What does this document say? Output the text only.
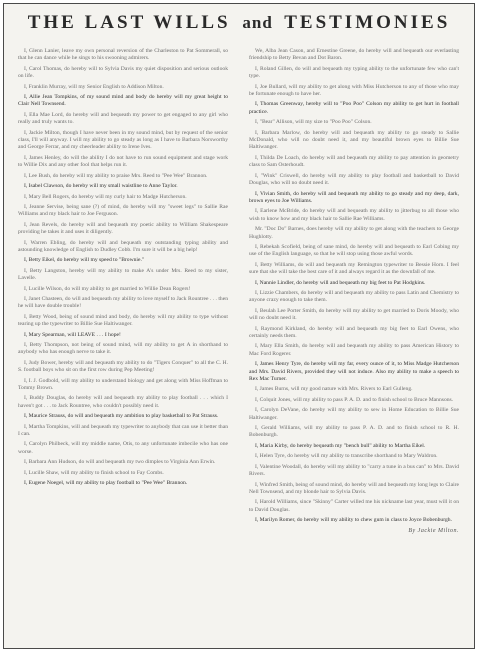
THE LAST WILLS and TESTIMONIES

I, Glenn Lanier, leave my own personal reversion of the Charleston to Pat Sommerall, so that he can dance while he sings to his swooning admirers.

I, Carol Thomas, do hereby will to Sylvia Davis my quiet disposition and serious outlook on life.

I, Franklin Murray, will my Senior English to Addison Milton.

I, Allie Jean Tompkins, of my sound mind and body do hereby will my great height to Clair Nell Townsend.

I, Ella Mae Lord, do hereby will and bequeath my power to get engaged to any girl who really and truly wants to.

I, Jackie Milton, though I have never been in my sound mind, but by request of the senior class, I'll will anyway. I will my ability to go steady as long as I have to Barbara Norsworthy and George Ferrar, and my cheerleader ability to Irene Ives.

I, James Henley, do will the ability I do not have to run sound equipment and stage work to Willie Dix and any other fool that helps run it.

I, Lee Bush, do hereby will my ability to praise Mrs. Reed to "Pee Wee" Brannon.

I, Isabel Clawson, do hereby will my small waistline to Anne Taylor.

I, Mary Bell Rogers, do hereby will my curly hair to Madge Hutcherson.

I, Jeanne Servise, being sane (?) of mind, do hereby will my "sweet legs" to Sallie Rae Williams and my black hair to Joe Ferguson.

I, Jean Revels, do hereby will and bequeath my poetic ability to William Shakespeare providing he takes it and uses it diligently.

I, Warren Ebling, do hereby will and bequeath my outstanding typing ability and astounding knowledge of English to Dudley Cobb. I'm sure it will be a big help!

I, Betty Eikel, do hereby will my speed to "Brownie."

I, Betty Langston, hereby will my ability to make A's under Mrs. Reed to my sister, Lavelle.

I, Lucille Wilson, do will my ability to get married to Willie Dean Rogers!

I, Janet Chasteen, do will and bequeath my ability to love myself to Jack Rountree . . . then he will have double trouble!

I, Betty Wood, being of sound mind and body, do hereby will my ability to type without tearing up the typewriter to Billie Sue Haltiwanger.

I, Mary Spearman, will LEAVE . . . I hope!

I, Betty Thompson, not being of sound mind, will my ability to get A in shorthand to anybody who has enough nerve to take it.

I, Judy Bower, hereby will and bequeath my ability to do "Tigers Conquer" to all the C. H. S. football boys who sit on the first row during Pep Meeting!

I, I. J. Godbold, will my ability to understand biology and get along with Miss Hoffman to Tommy Brown.

I, Buddy Douglas, do hereby will and bequeath my ability to play football . . . which I haven't got . . . to Jack Rountree, who couldn't possibly need it.

I, Maurice Strauss, do will and bequeath my ambition to play basketball to Pat Strauss.

I, Martha Tompkins, will and bequeath my typewriter to anybody that can use it better than I can.

I, Carolyn Philbeck, will my middle name, Otis, to any unfortunate imbecile who has one worse.

I, Barbara Ann Hudson, do will and bequeath my two dimples to Virginia Ann Erwin.

I, Lucille Shaw, will my ability to finish school to Fay Combs.

I, Eugene Noegel, will my ability to play football to "Pee Wee" Brannon.

We, Alba Jean Cason, and Ernestine Greene, do hereby will and bequeath our everlasting friendship to Betty Bevan and Dot Baron.

I, Roland Gillen, do will and bequeath my typing ability to the unfortunate few who can't type.

I, Joe Bullard, will my ability to get along with Miss Hutcherson to any of those who may be fortunate enough to have her.

I, Thomas Greenway, hereby will to "Poo Poo" Colson my ability to get hurt in football practice.

I, "Bear" Allison, will my size to "Poo Poo" Colson.

I, Barbara Marlow, do hereby will and bequeath my ability to go steady to Sallie McDonald, who will no doubt need it, and my beautiful brown eyes to Billie Sue Haltiwanger.

I, Thilda De Loach, do hereby will and bequeath my ability to pay attention in geometry class to Sam Osterhoudt.

I, "Wink" Criswell, do hereby will my ability to play football and basketball to David Douglas, who will no doubt need it.

I, Vivian Smith, do hereby will and bequeath my ability to go steady and my deep, dark, brown eyes to Joe Williams.

I, Earlene McBride, do hereby will and bequeath my ability to jitterbug to all those who wish to know how and my black hair to Sallie Rae Williams.

Mr. "Doc Do" Barnes, does hereby will my ability to get along with the teachers to George Hughlotty.

I, Rebekah Scofield, being of sane mind, do hereby will and bequeath to Earl Cobing my use of the English language, so that he will stop using those awful words.

I, Betty Williams, do will and bequeath my Remington typewriter to Bessie Horn. I feel sure that she will take the best care of it and always regard it as the downfall of me.

I, Nannie Lindler, do hereby will and bequeath my big feet to Pat Hodgkins.

I, Lizzie Chambers, do hereby will and bequeath my ability to pass Latin and Chemistry to anyone crazy enough to take them.

I, Beulah Lee Porter Smith, do hereby will my ability to get married to Doris Moody, who will no doubt need it.

I, Raymond Kirkland, do hereby will and bequeath my big feet to Earl Owens, who certainly needs them.

I, Mary Ella Smith, do hereby will and bequeath my ability to pass American History to Mac Ford Rogerer.

I, James Henry Tyre, do hereby will my far, every ounce of it, to Miss Madge Hutcherson and Mrs. David Rivers, provided they will not induce. Also my ability to make a speech to Rex Mac Turner.

I, James Burns, will my good nature with Mrs. Rivers to Earl Gulleng.

I, Colquit Jones, will my ability to pass P. A. D. and to finish school to Bruce Mannsons.

I, Carolyn DeVane, do hereby will my ability to sew in Home Education to Billie Sue Haltiwanger.

I, Gerald Williams, will my ability to pass P. A. D. and to finish school to R. H. Bobenburgh.

I, Maria Kirby, do hereby bequeath my "bench bull" ability to Martha Eikel.

I, Helen Tyre, do hereby will my ability to transcribe shorthand to Mary Waldron.

I, Valentine Woodall, do hereby will my ability to "carry a tune in a bus can" to Mrs. David Rivers.

I, Winfred Smith, being of sound mind, do hereby will and bequeath my long legs to Claire Nell Townsend, and my blonde hair to Sylvia Davis.

I, Harold Williams, since "Skinny" Carter willed me his nickname last year, must will it on to David Douglas.

I, Marilyn Romer, do hereby will my ability to chew gum in class to Joyce Bobenburgh.

By Jackie Milton.
